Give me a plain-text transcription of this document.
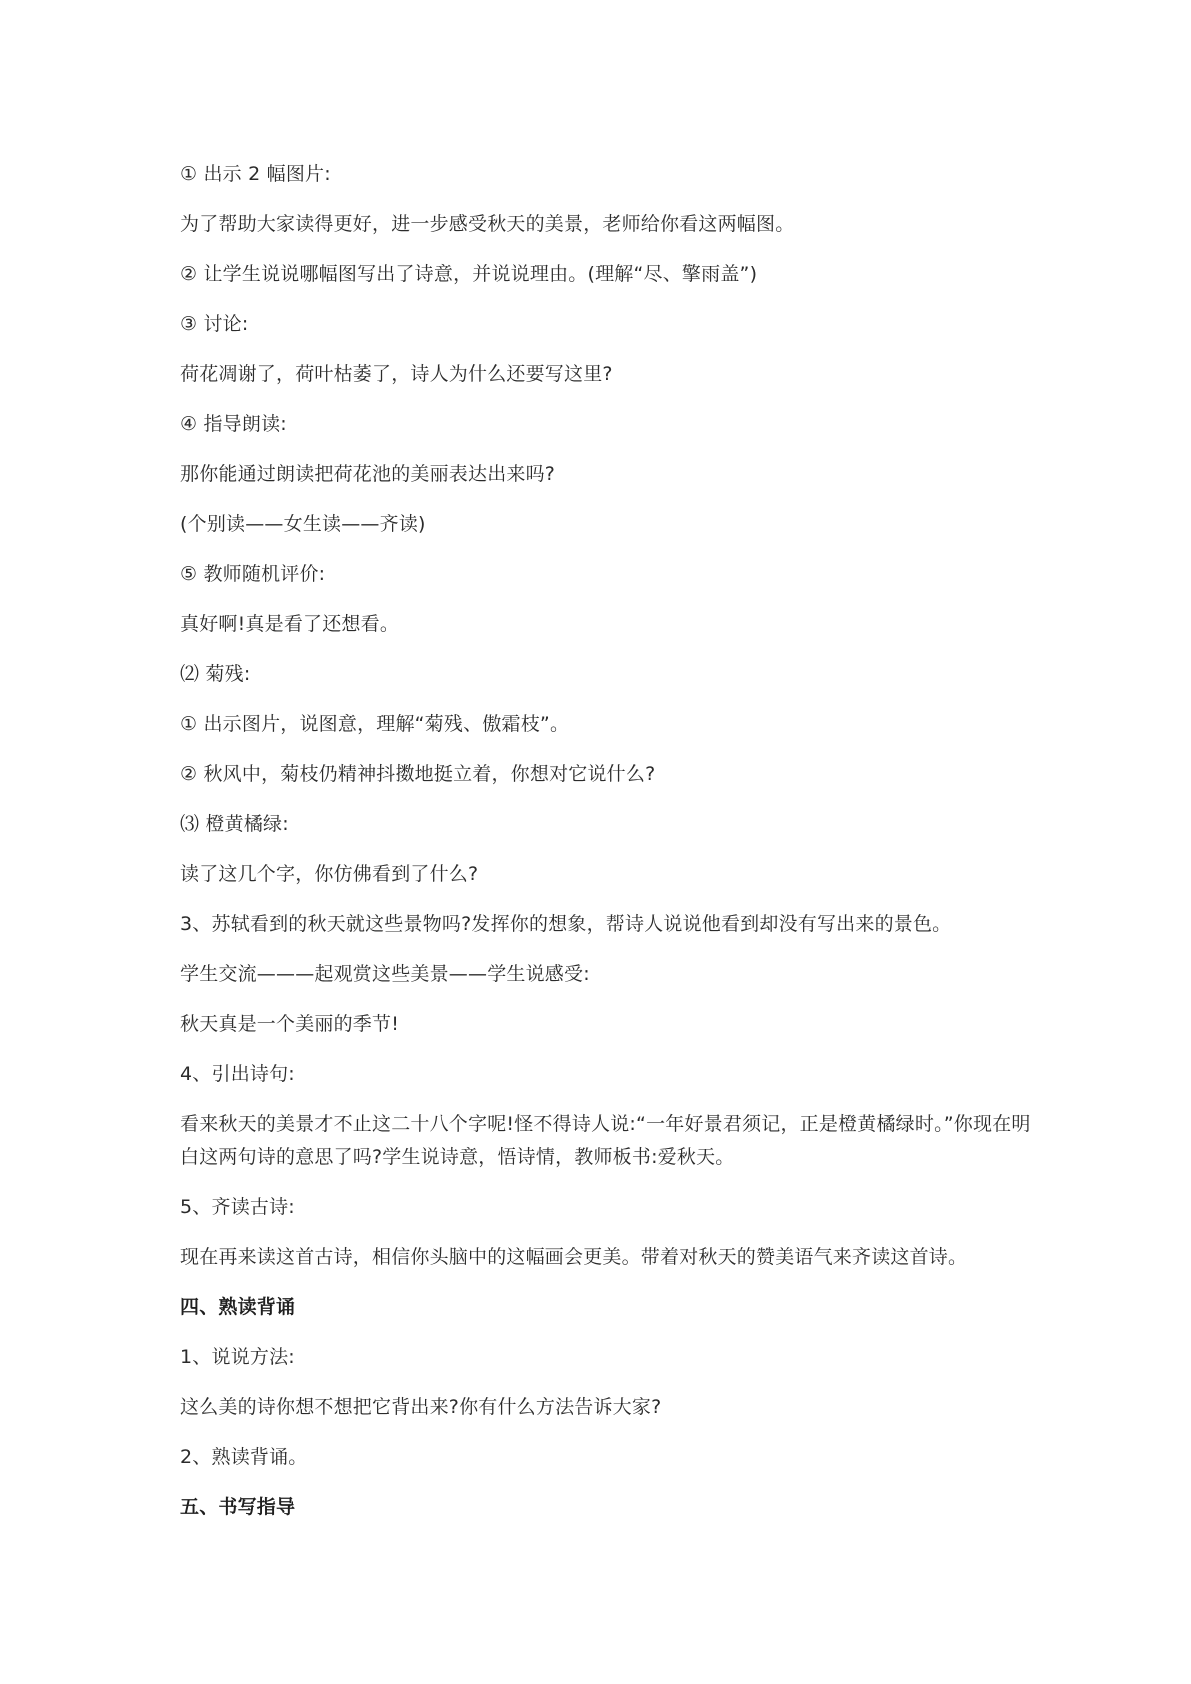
① 出示 2 幅图片:

为了帮助大家读得更好，进一步感受秋天的美景，老师给你看这两幅图。

② 让学生说说哪幅图写出了诗意，并说说理由。(理解“尽、擎雨盖”)

③ 讨论:

荷花凋谢了，荷叶枯萎了，诗人为什么还要写这里?

④ 指导朗读:

那你能通过朗读把荷花池的美丽表达出来吗?

(个别读——女生读——齐读)

⑤ 教师随机评价:

真好啊!真是看了还想看。

⑵ 菊残:

① 出示图片，说图意，理解“菊残、傲霜枝”。

② 秋风中，菊枝仍精神抖擞地挺立着，你想对它说什么?

⑶ 橙黄橘绿:

读了这几个字，你仿佛看到了什么?

3、苏轼看到的秋天就这些景物吗?发挥你的想象，帮诗人说说他看到却没有写出来的景色。

学生交流———起观赏这些美景——学生说感受:

秋天真是一个美丽的季节!

4、引出诗句:

看来秋天的美景才不止这二十八个字呢!怪不得诗人说:“一年好景君须记，正是橙黄橘绿时。”你现在明白这两句诗的意思了吗?学生说诗意，悟诗情，教师板书:爱秋天。

5、齐读古诗:

现在再来读这首古诗，相信你头脑中的这幅画会更美。带着对秋天的赞美语气来齐读这首诗。

四、熟读背诵

1、说说方法:

这么美的诗你想不想把它背出来?你有什么方法告诉大家?

2、熟读背诵。

五、书写指导
